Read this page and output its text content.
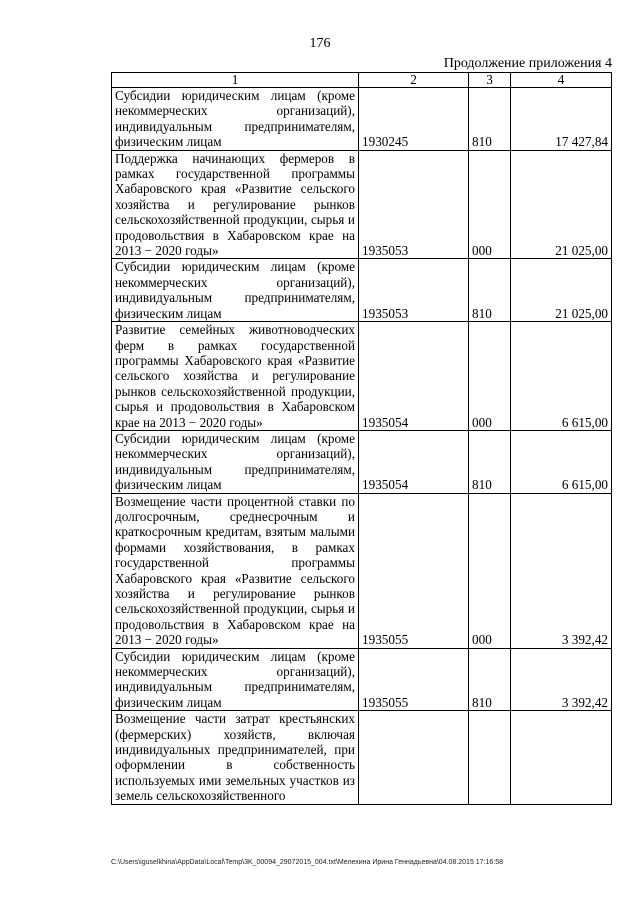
176
Продолжение приложения 4
1	2	3	4
Субсидии юридическим лицам (кроме некоммерческих организаций), индивидуальным предпринимателям, физическим лицам	1930245	810	17 427,84
Поддержка начинающих фермеров в рамках государственной программы Хабаровского края «Развитие сельского хозяйства и регулирование рынков сельскохозяйственной продукции, сырья и продовольствия в Хабаровском крае на 2013 − 2020 годы»	1935053	000	21 025,00
Субсидии юридическим лицам (кроме некоммерческих организаций), индивидуальным предпринимателям, физическим лицам	1935053	810	21 025,00
Развитие семейных животноводческих ферм в рамках государственной программы Хабаровского края «Развитие сельского хозяйства и регулирование рынков сельскохозяйственной продукции, сырья и продовольствия в Хабаровском крае на 2013 − 2020 годы»	1935054	000	6 615,00
Субсидии юридическим лицам (кроме некоммерческих организаций), индивидуальным предпринимателям, физическим лицам	1935054	810	6 615,00
Возмещение части процентной ставки по долгосрочным, среднесрочным и краткосрочным кредитам, взятым малыми формами хозяйствования, в рамках государственной программы Хабаровского края «Развитие сельского хозяйства и регулирование рынков сельскохозяйственной продукции, сырья и продовольствия в Хабаровском крае на 2013 − 2020 годы»	1935055	000	3 392,42
Субсидии юридическим лицам (кроме некоммерческих организаций), индивидуальным предпринимателям, физическим лицам	1935055	810	3 392,42
Возмещение части затрат крестьянских (фермерских) хозяйств, включая индивидуальных предпринимателей, при оформлении в собственность используемых ими земельных участков из земель сельскохозяйственного			
C:\Users\iguselkhina\AppData\Local\Temp\3K_00094_29072015_004.txt\Мелехина Ирина Геннадьевна\04.08.2015 17:16:58
